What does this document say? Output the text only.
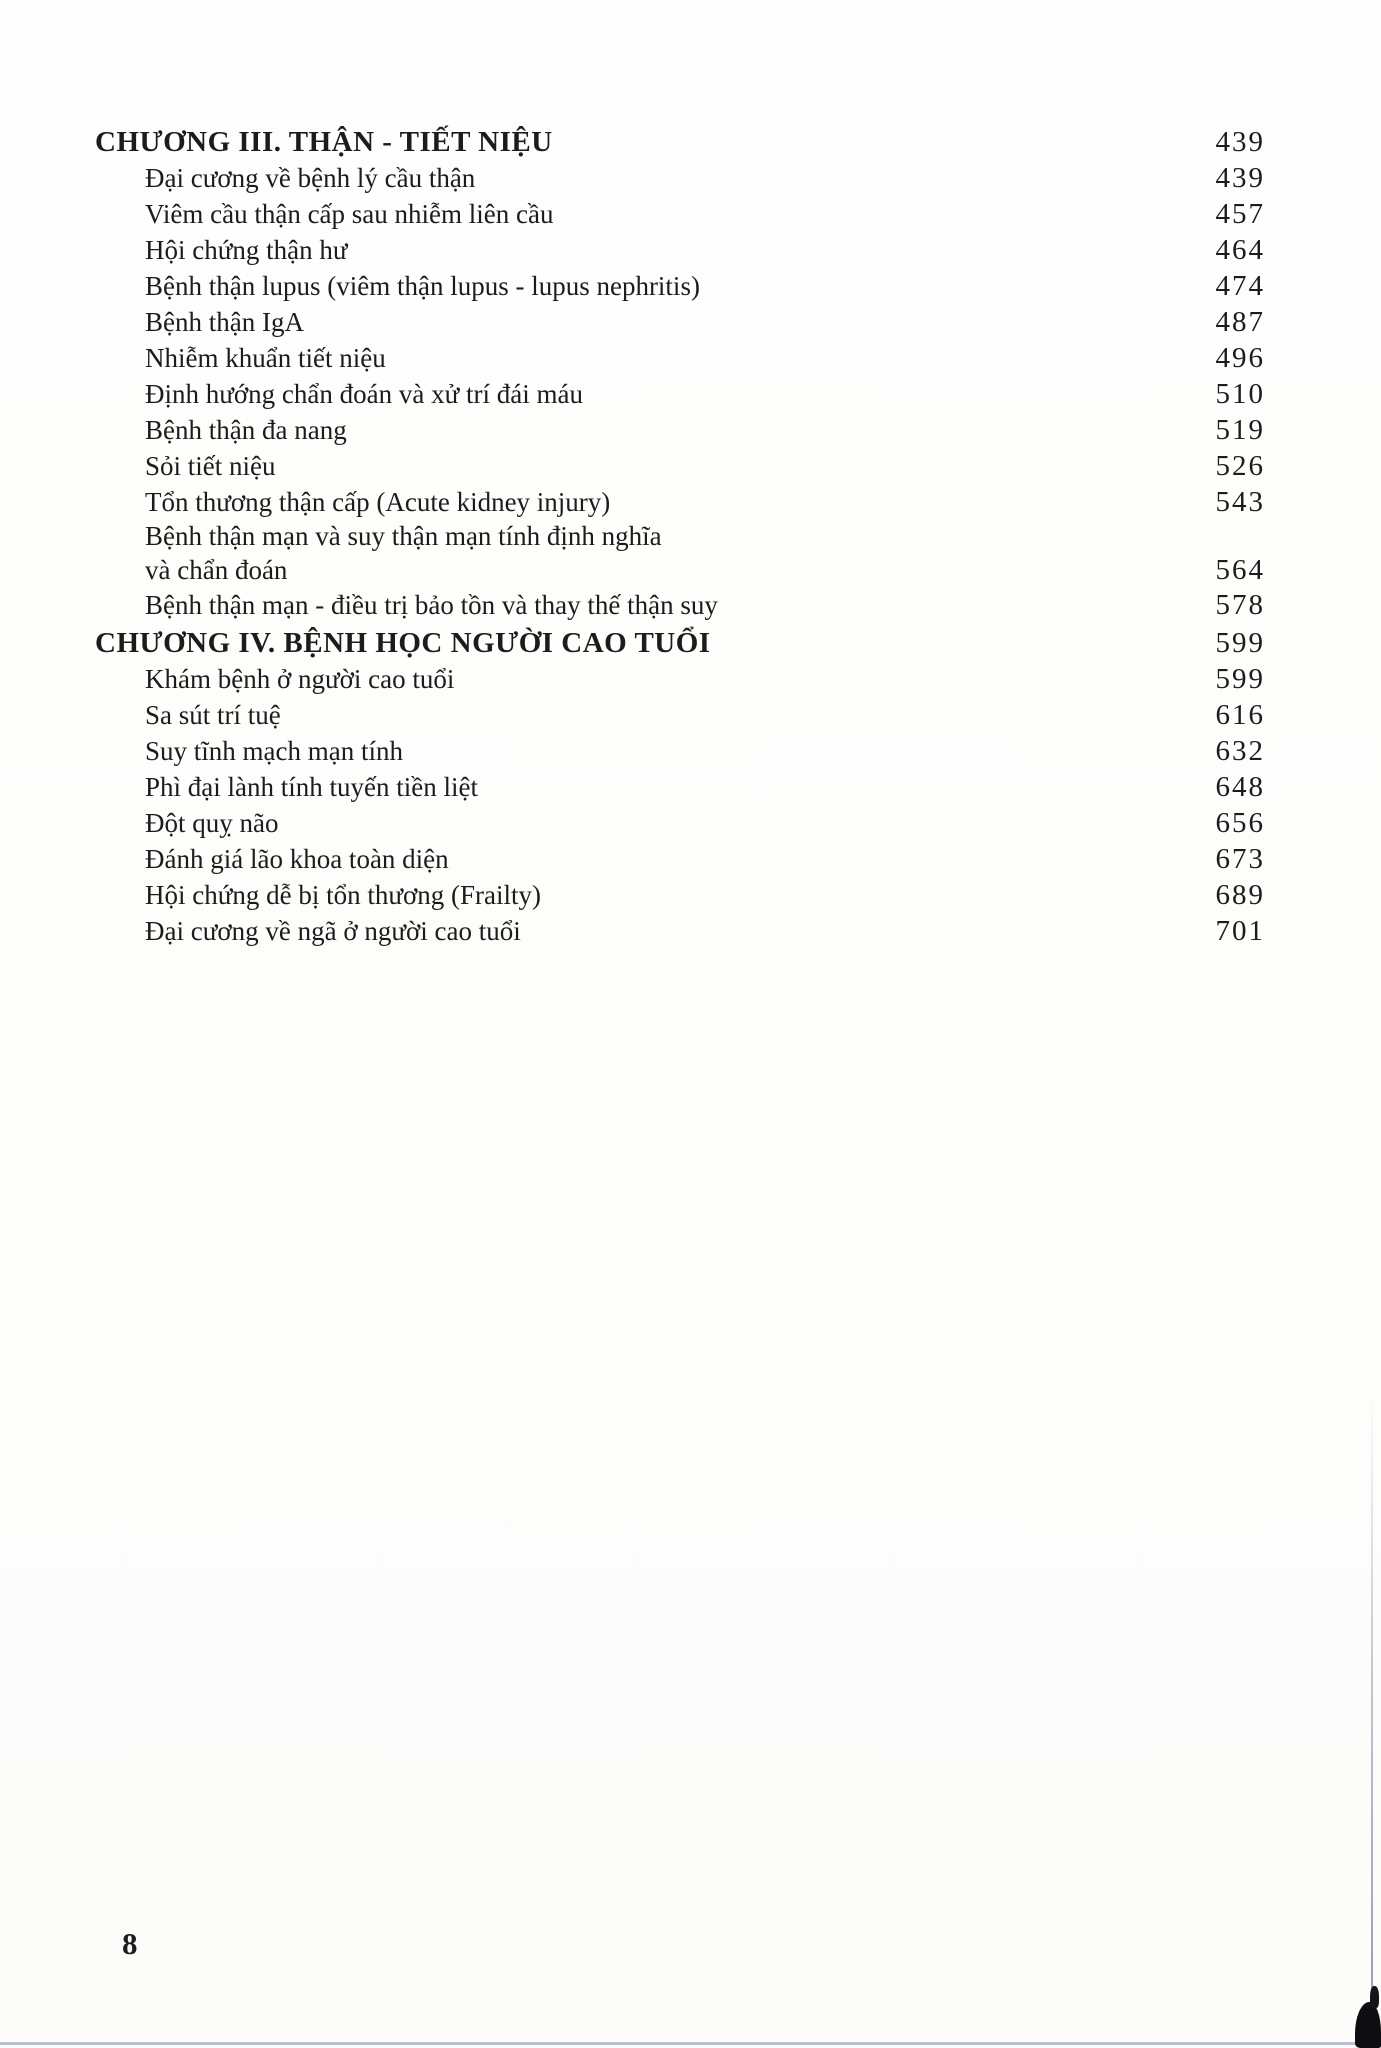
CHƯƠNG III. THẬN - TIẾT NIỆU	439
Đại cương về bệnh lý cầu thận	439
Viêm cầu thận cấp sau nhiễm liên cầu	457
Hội chứng thận hư	464
Bệnh thận lupus (viêm thận lupus - lupus nephritis)	474
Bệnh thận IgA	487
Nhiễm khuẩn tiết niệu	496
Định hướng chẩn đoán và xử trí đái máu	510
Bệnh thận đa nang	519
Sỏi tiết niệu	526
Tổn thương thận cấp (Acute kidney injury)	543
Bệnh thận mạn và suy thận mạn tính định nghĩa
và chẩn đoán	564
Bệnh thận mạn - điều trị bảo tồn và thay thế thận suy	578
CHƯƠNG IV. BỆNH HỌC NGƯỜI CAO TUỔI	599
Khám bệnh ở người cao tuổi	599
Sa sút trí tuệ	616
Suy tĩnh mạch mạn tính	632
Phì đại lành tính tuyến tiền liệt	648
Đột quỵ não	656
Đánh giá lão khoa toàn diện	673
Hội chứng dễ bị tổn thương (Frailty)	689
Đại cương về ngã ở người cao tuổi	701
8
